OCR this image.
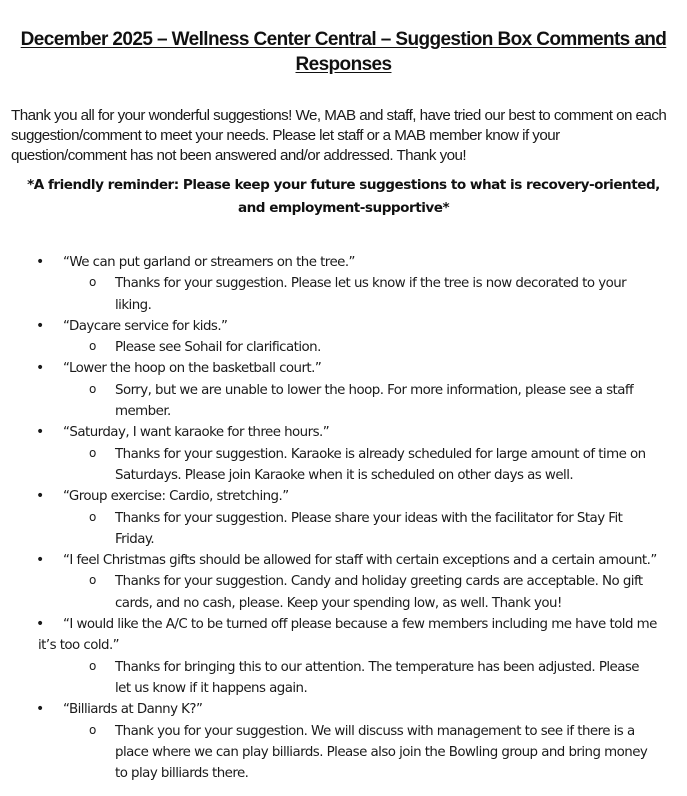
December 2025 – Wellness Center Central – Suggestion Box Comments and
Responses
Thank you all for your wonderful suggestions! We, MAB and staff, have tried our best to comment on each
suggestion/comment to meet your needs. Please let staff or a MAB member know if your
question/comment has not been answered and/or addressed. Thank you!
*A friendly reminder: Please keep your future suggestions to what is recovery-oriented,
and employment-supportive*
• “We can put garland or streamers on the tree.”
o Thanks for your suggestion. Please let us know if the tree is now decorated to your
liking.
• “Daycare service for kids.”
o Please see Sohail for clarification.
• “Lower the hoop on the basketball court.”
o Sorry, but we are unable to lower the hoop. For more information, please see a staff
member.
• “Saturday, I want karaoke for three hours.”
o Thanks for your suggestion. Karaoke is already scheduled for large amount of time on
Saturdays. Please join Karaoke when it is scheduled on other days as well.
• “Group exercise: Cardio, stretching.”
o Thanks for your suggestion. Please share your ideas with the facilitator for Stay Fit
Friday.
• “I feel Christmas gifts should be allowed for staff with certain exceptions and a certain amount.”
o Thanks for your suggestion. Candy and holiday greeting cards are acceptable. No gift
cards, and no cash, please. Keep your spending low, as well. Thank you!
• “I would like the A/C to be turned off please because a few members including me have told me
it’s too cold.”
o Thanks for bringing this to our attention. The temperature has been adjusted. Please
let us know if it happens again.
• “Billiards at Danny K?”
o Thank you for your suggestion. We will discuss with management to see if there is a
place where we can play billiards. Please also join the Bowling group and bring money
to play billiards there.
